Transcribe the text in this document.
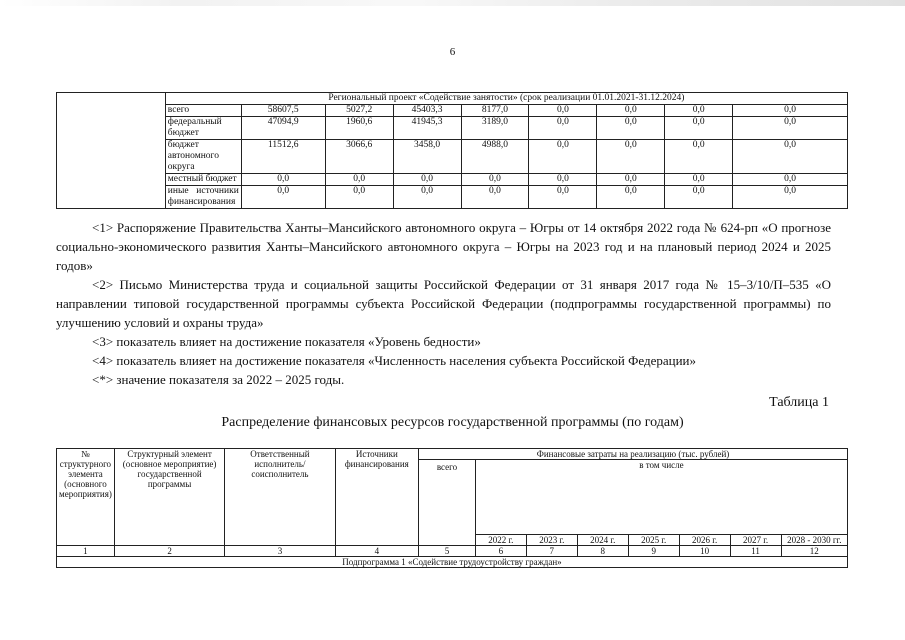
6
	Региональный проект «Содействие занятости» (срок реализации 01.01.2021-31.12.2024)								
	всего	58607,5	5027,2	45403,3	8177,0	0,0	0,0	0,0	0,0
	федеральный бюджет	47094,9	1960,6	41945,3	3189,0	0,0	0,0	0,0	0,0
	бюджет автономного округа	11512,6	3066,6	3458,0	4988,0	0,0	0,0	0,0	0,0
	местный бюджет	0,0	0,0	0,0	0,0	0,0	0,0	0,0	0,0
	иные источники финансирования	0,0	0,0	0,0	0,0	0,0	0,0	0,0	0,0

<1> Распоряжение Правительства Ханты–Мансийского автономного округа – Югры от 14 октября 2022 года № 624-рп «О прогнозе социально-экономического развития Ханты–Мансийского автономного округа – Югры на 2023 год и на плановый период 2024 и 2025 годов»

<2> Письмо Министерства труда и социальной защиты Российской Федерации от 31 января 2017 года № 15–3/10/П–535 «О направлении типовой государственной программы субъекта Российской Федерации (подпрограммы государственной программы) по улучшению условий и охраны труда»

<3> показатель влияет на достижение показателя «Уровень бедности»

<4> показатель влияет на достижение показателя «Численность населения субъекта Российской Федерации»

<*> значение показателя за 2022 – 2025 годы.

Таблица 1
Распределение финансовых ресурсов государственной программы (по годам)
№ структурного элемента (основного мероприятия)	Структурный элемент (основное мероприятие) государственной программы	Ответственный исполнитель/ соисполнитель	Источники финансирования	Финансовые затраты на реализацию (тыс. рублей)							
				всего	в том числе						
					2022 г.	2023 г.	2024 г.	2025 г.	2026 г.	2027 г.	2028 - 2030 гг.
1	2	3	4	5	6	7	8	9	10	11	12
Подпрограмма 1 «Содействие трудоустройству граждан»											
